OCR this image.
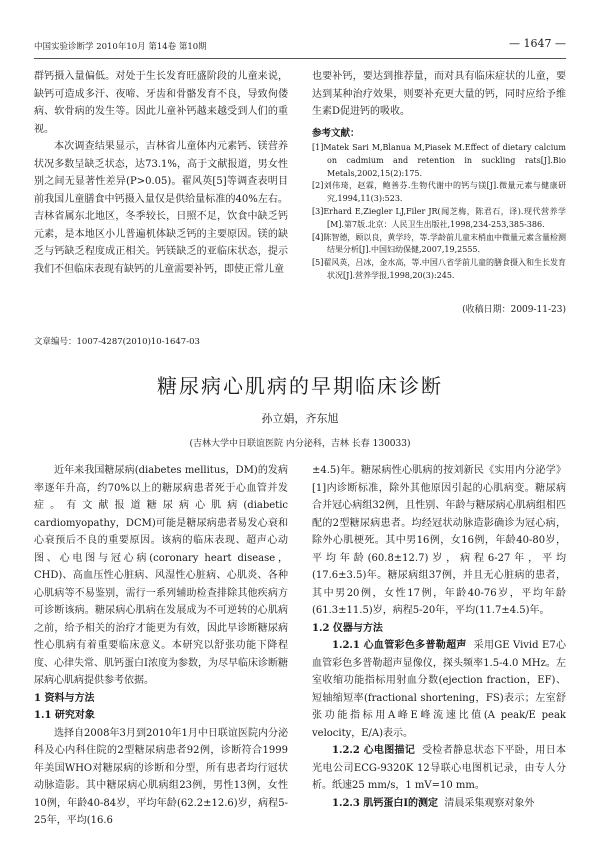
中国实验诊断学 2010年10月 第14卷 第10期	— 1647 —

群钙摄入量偏低。对处于生长发育旺盛阶段的儿童来说，缺钙可造成多汗、夜啼、牙齿和骨骼发育不良，导致佝偻病、软骨病的发生等。因此儿童补钙越来越受到人们的重视。

本次调查结果显示，吉林省儿童体内元素钙、镁营养状况多数呈缺乏状态，达73.1%，高于文献报道，男女性别之间无显著性差异(P>0.05)。翟风英[5]等调查表明目前我国儿童膳食中钙摄入量仅是供给量标准的40%左右。吉林省属东北地区，冬季较长，日照不足，饮食中缺乏钙元素，是本地区小儿普遍机体缺乏钙的主要原因。镁的缺乏与钙缺乏程度成正相关。钙镁缺乏的亚临床状态，提示我们不但临床表现有缺钙的儿童需要补钙，即使正常儿童

也要补钙，要达到推荐量，而对具有临床症状的儿童，要达到某种治疗效果，则要补充更大量的钙，同时应给予维生素D促进钙的吸收。

参考文献：

[1]Matek Sari M,Blanua M,Piasek M.Effect of dietary calcium on cadmium and retention in suckling rats[J].Bio Metals,2002,15(2):175.

[2]刘伟琦，赵霖，鲍善芬.生物代谢中的钙与镁[J].微量元素与健康研究,1994,11(3):523.

[3]Erhard E,Ziegler LJ,Filer JR(闻芝梅，陈君石，译).现代营养学[M].第7版.北京：人民卫生出版社,1998,234-253,385-386.

[4]陈智德，顾以良，黄学玲，等.学龄前儿童末梢血中微量元素含量检测结果分析[J].中国妇幼保健,2007,19,2555.

[5]翟风英，吕冰，金水高，等.中国八省学前儿童的膳食摄入和生长发育状况[J].营养学报,1998,20(3):245.

(收稿日期：2009-11-23)
文章编号：1007-4287(2010)10-1647-03
糖尿病心肌病的早期临床诊断
孙立娟，齐东旭
(吉林大学中日联谊医院 内分泌科，吉林 长春 130033)

近年来我国糖尿病(diabetes mellitus，DM)的发病率逐年升高，约70%以上的糖尿病患者死于心血管并发症。有文献报道糖尿病心肌病(diabetic cardiomyopathy，DCM)可能是糖尿病患者易发心衰和心衰预后不良的重要原因。该病的临床表现、超声心动图、心电图与冠心病(coronary heart disease，CHD)、高血压性心脏病、风湿性心脏病、心肌炎、各种心肌病等不易鉴别，需行一系列辅助检查排除其他疾病方可诊断该病。糖尿病心肌病在发展成为不可逆转的心肌病之前，给予相关的治疗才能更为有效，因此早诊断糖尿病性心肌病有着重要临床意义。本研究以舒张功能下降程度、心律失常、肌钙蛋白I浓度为参数，为尽早临床诊断糖尿病心肌病提供参考依据。

1 资料与方法

1.1 研究对象

选择自2008年3月到2010年1月中日联谊医院内分泌科及心内科住院的2型糖尿病患者92例，诊断符合1999年美国WHO对糖尿病的诊断和分型，所有患者均行冠状动脉造影。其中糖尿病心肌病组23例，男性13例，女性10例，年龄40-84岁，平均年龄(62.2±12.6)岁，病程5-25年，平均(16.6

±4.5)年。糖尿病性心肌病的按刘新民《实用内分泌学》[1]内诊断标准，除外其他原因引起的心肌病变。糖尿病合并冠心病组32例，且性别、年龄与糖尿病心肌病组相匹配的2型糖尿病患者。均经冠状动脉造影确诊为冠心病，除外心肌梗死。其中男16例，女16例，年龄40-80岁，平均年龄(60.8±12.7)岁，病程6-27年，平均(17.6±3.5)年。糖尿病组37例，并且无心脏病的患者，其中男20例，女性17例，年龄40-76岁，平均年龄(61.3±11.5)岁，病程5-20年，平均(11.7±4.5)年。

1.2 仪器与方法

1.2.1 心血管彩色多普勒超声 采用GE Vivid E7心血管彩色多普勒超声显像仪，探头频率1.5-4.0 MHz。左室收缩功能指标用射血分数(ejection fraction，EF)、短轴缩短率(fractional shortening，FS)表示；左室舒张功能指标用A峰E峰流速比值(A peak/E peak velocity，E/A)表示。

1.2.2 心电图描记 受检者静息状态下平卧，用日本光电公司ECG-9320K 12导联心电图机记录，由专人分析。纸速25 mm/s，1 mV=10 mm。

1.2.3 肌钙蛋白I的测定 清晨采集观察对象外
